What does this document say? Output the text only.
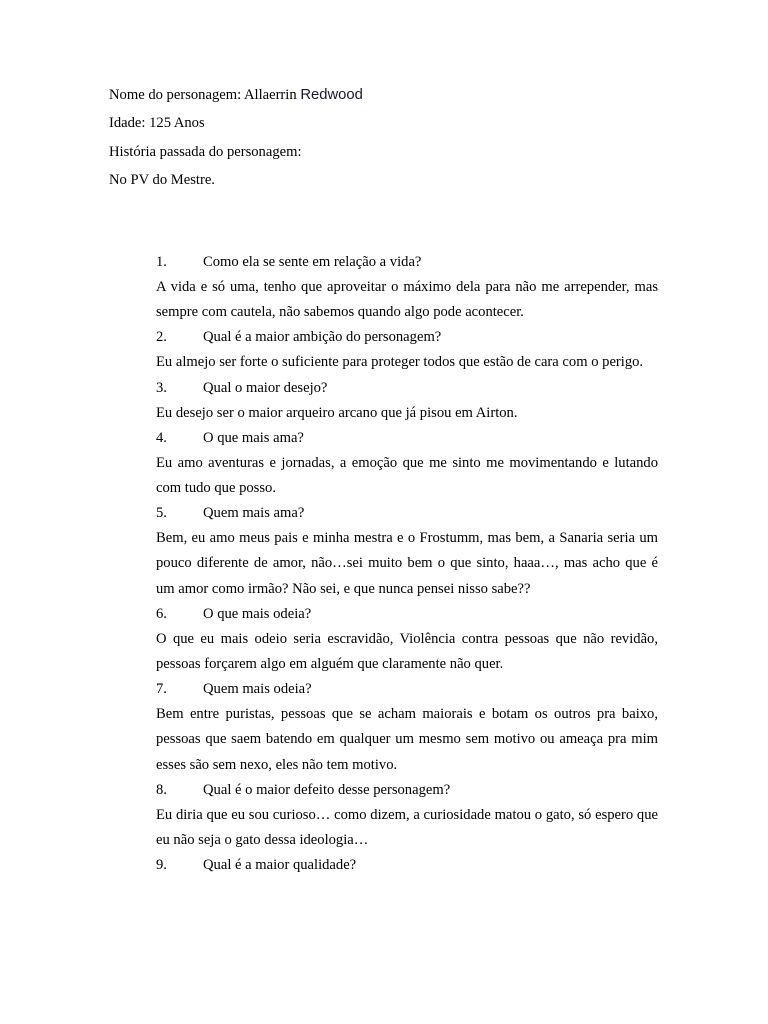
Nome do personagem: Allaerrin Redwood
Idade: 125 Anos
História passada do personagem:
No PV do Mestre.
1. Como ela se sente em relação a vida?
A vida e só uma, tenho que aproveitar o máximo dela para não me arrepender, mas sempre com cautela, não sabemos quando algo pode acontecer.
2. Qual é a maior ambição do personagem?
Eu almejo ser forte o suficiente para proteger todos que estão de cara com o perigo.
3. Qual o maior desejo?
Eu desejo ser o maior arqueiro arcano que já pisou em Airton.
4. O que mais ama?
Eu amo aventuras e jornadas, a emoção que me sinto me movimentando e lutando com tudo que posso.
5. Quem mais ama?
Bem, eu amo meus pais e minha mestra e o Frostumm, mas bem, a Sanaria seria um pouco diferente de amor, não…sei muito bem o que sinto, haaa…, mas acho que é um amor como irmão? Não sei, e que nunca pensei nisso sabe??
6. O que mais odeia?
O que eu mais odeio seria escravidão, Violência contra pessoas que não revidão, pessoas forçarem algo em alguém que claramente não quer.
7. Quem mais odeia?
Bem entre puristas, pessoas que se acham maiorais e botam os outros pra baixo, pessoas que saem batendo em qualquer um mesmo sem motivo ou ameaça pra mim esses são sem nexo, eles não tem motivo.
8. Qual é o maior defeito desse personagem?
Eu diria que eu sou curioso… como dizem, a curiosidade matou o gato, só espero que eu não seja o gato dessa ideologia…
9. Qual é a maior qualidade?
